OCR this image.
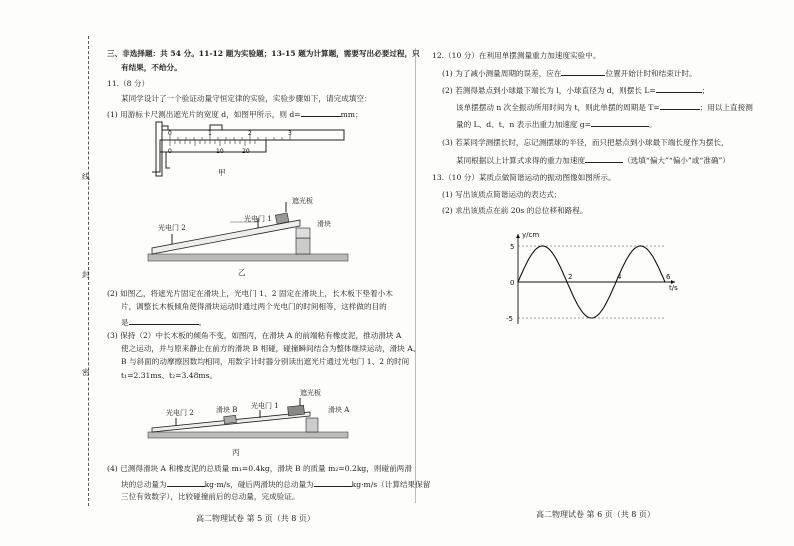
线
封
密
三、非选择题：共 54 分。11-12 题为实验题；13-15 题为计算题，需要写出必要过程，只
有结果，不给分。
11.（8 分）
某同学设计了一个验证动量守恒定律的实验，实验步骤如下，请完成填空：
(1) 用游标卡尺测出遮光片的宽度 d，如图甲所示，则 d=	mm；
0	1	2	3
0	10	20
甲
光电门 2
光电门 1
遮光板
滑块
乙
(2) 如图乙，将遮光片固定在滑块上，光电门 1、2 固定在滑块上，长木板下垫着小木
片，调整长木板倾角使得滑块运动时通过两个光电门的时间相等，这样做的目的
是	。
(3) 保持（2）中长木板的倾角不变，如图丙，在滑块 A 的前端粘有橡皮泥，推动滑块 A
使之运动，并与原来静止在前方的滑块 B 相碰，碰撞瞬间结合为整体继续运动，滑块 A、
B 与斜面的动摩擦因数均相同，用数字计时器分别读出遮光片通过光电门 1、2 的时间
t₁=2.31ms、t₂=3.48ms。
光电门 2	滑块 B 光电门 1
遮光板
滑块 A
丙
(4) 已测得滑块 A 和橡皮泥的总质量 m₁=0.4kg，滑块 B 的质量 m₂=0.2kg，则碰前两滑
块的总动量为	kg·m/s，碰后两滑块的总动量为	kg·m/s（计算结果保留
三位有效数字），比较碰撞前后的总动量，完成验证。
高二物理试卷 第 5 页（共 8 页）
12.（10 分）在利用单摆测量重力加速度实验中。
(1) 为了减小测量周期的误差，应在	位置开始计时和结束计时。
(2) 若测得悬点到小球最下端长为 l，小球直径为 d，则摆长 L=	；
该单摆摆动 n 次全振动所用时间为 t，则此单摆的周期是 T=	；用以上直接测
量的 L、d、t、n 表示出重力加速度 g=	。
(3) 若某同学测摆长时，忘记测摆球的半径，而只把悬点到小球最下端长度作为摆长，
某同根据以上计算式求得的重力加速度	（选填“偏大”“偏小”或“准确”）
13.（10 分）某质点做简谐运动的振动图像如图所示。
(1) 写出该质点简谐运动的表达式；
(2) 求出该质点在前 20s 的总位移和路程。
y/cm
t/s
0
5
-5
2	4	6
高二物理试卷 第 6 页（共 8 页）
